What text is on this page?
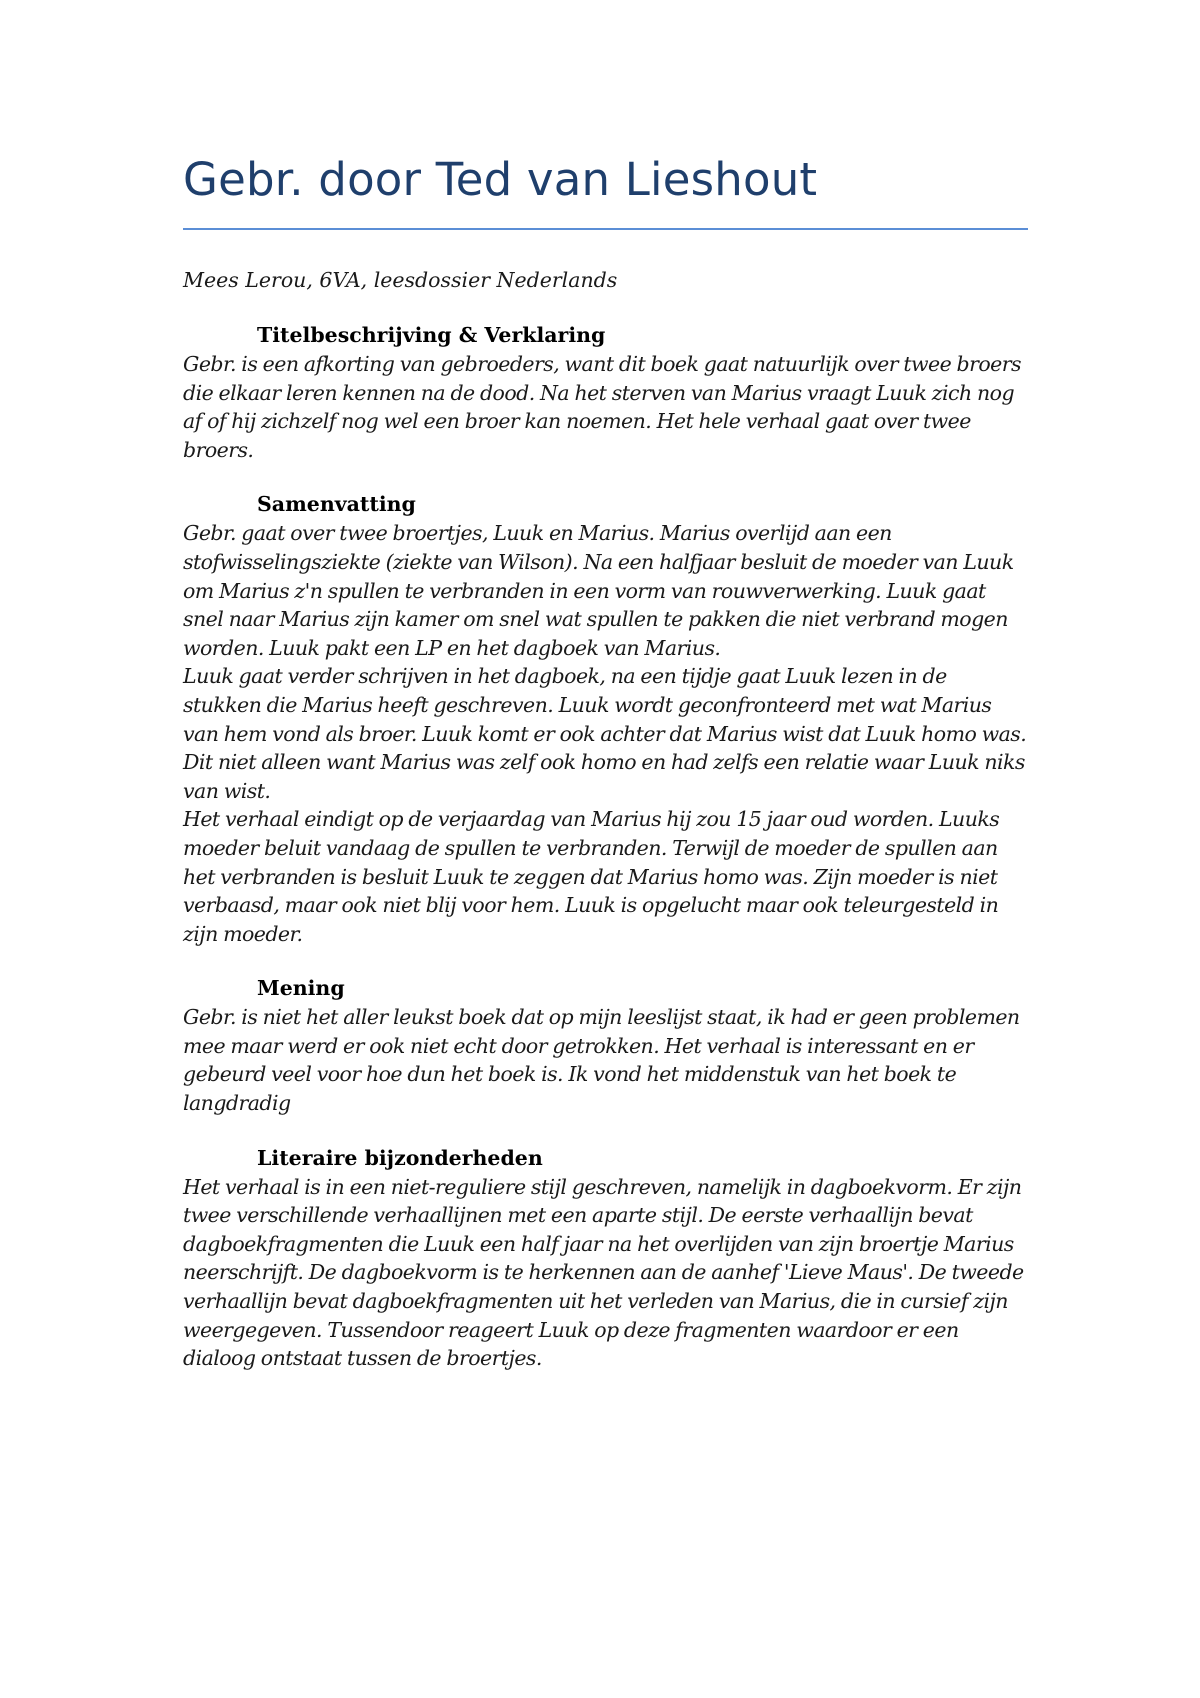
Gebr. door Ted van Lieshout
Mees Lerou, 6VA, leesdossier Nederlands
Titelbeschrijving & Verklaring

Gebr. is een afkorting van gebroeders, want dit boek gaat natuurlijk over twee broers die elkaar leren kennen na de dood. Na het sterven van Marius vraagt Luuk zich nog af of hij zichzelf nog wel een broer kan noemen. Het hele verhaal gaat over twee broers.

Samenvatting

Gebr. gaat over twee broertjes, Luuk en Marius. Marius overlijd aan een stofwisselingsziekte (ziekte van Wilson). Na een halfjaar besluit de moeder van Luuk om Marius z'n spullen te verbranden in een vorm van rouwverwerking. Luuk gaat snel naar Marius zijn kamer om snel wat spullen te pakken die niet verbrand mogen worden. Luuk pakt een LP en het dagboek van Marius.

Luuk gaat verder schrijven in het dagboek, na een tijdje gaat Luuk lezen in de stukken die Marius heeft geschreven. Luuk wordt geconfronteerd met wat Marius van hem vond als broer. Luuk komt er ook achter dat Marius wist dat Luuk homo was. Dit niet alleen want Marius was zelf ook homo en had zelfs een relatie waar Luuk niks van wist.

Het verhaal eindigt op de verjaardag van Marius hij zou 15 jaar oud worden. Luuks moeder beluit vandaag de spullen te verbranden. Terwijl de moeder de spullen aan het verbranden is besluit Luuk te zeggen dat Marius homo was. Zijn moeder is niet verbaasd, maar ook niet blij voor hem. Luuk is opgelucht maar ook teleurgesteld in zijn moeder.

Mening

Gebr. is niet het aller leukst boek dat op mijn leeslijst staat, ik had er geen problemen mee maar werd er ook niet echt door getrokken. Het verhaal is interessant en er gebeurd veel voor hoe dun het boek is. Ik vond het middenstuk van het boek te langdradig

Literaire bijzonderheden

Het verhaal is in een niet-reguliere stijl geschreven, namelijk in dagboekvorm. Er zijn twee verschillende verhaallijnen met een aparte stijl. De eerste verhaallijn bevat dagboekfragmenten die Luuk een half jaar na het overlijden van zijn broertje Marius neerschrijft. De dagboekvorm is te herkennen aan de aanhef 'Lieve Maus'. De tweede verhaallijn bevat dagboekfragmenten uit het verleden van Marius, die in cursief zijn weergegeven. Tussendoor reageert Luuk op deze fragmenten waardoor er een dialoog ontstaat tussen de broertjes.
